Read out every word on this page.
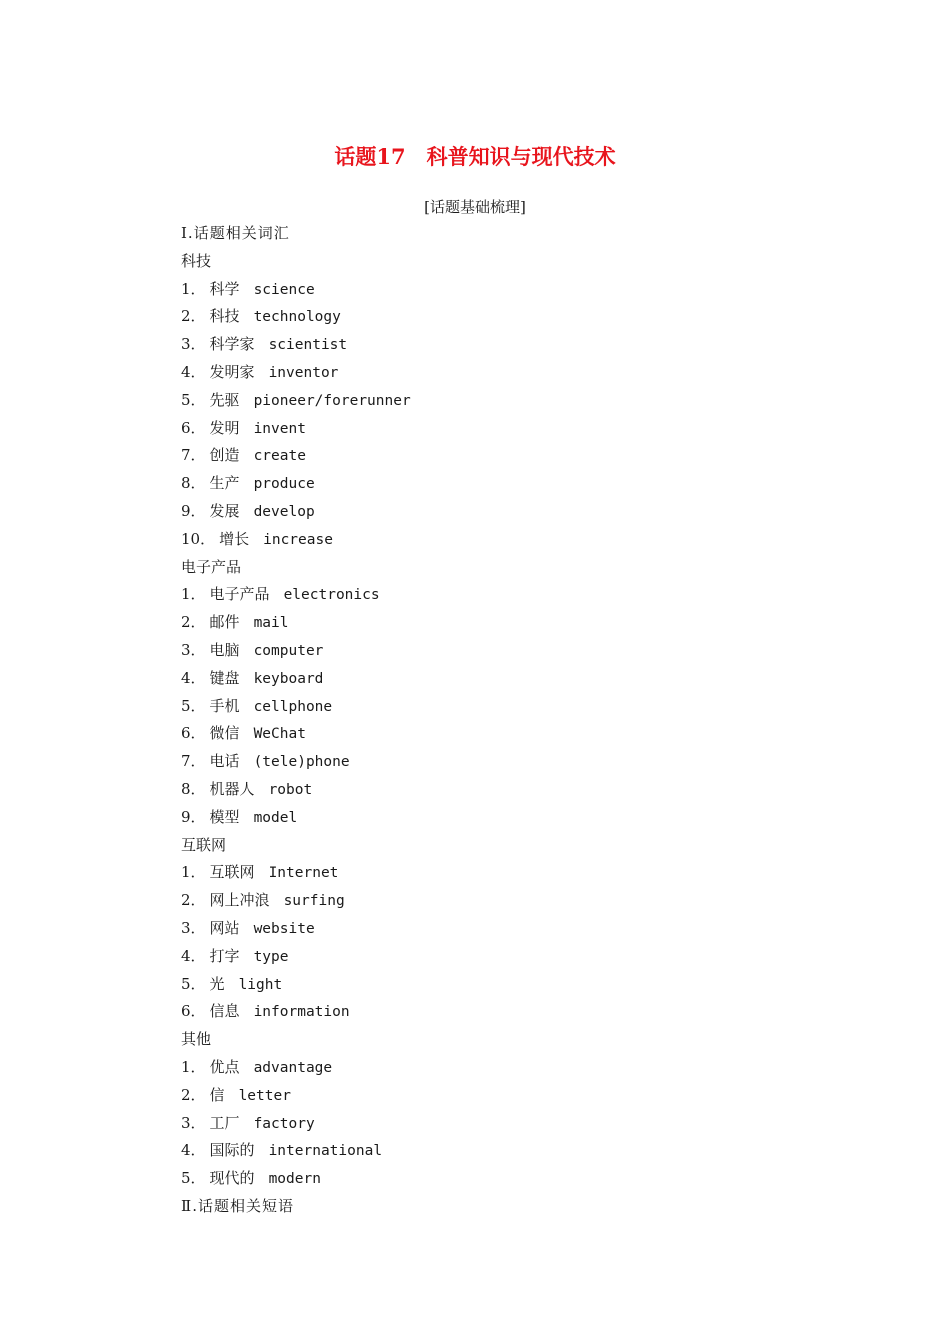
话题17　科普知识与现代技术
[话题基础梳理]
Ⅰ.话题相关词汇
科技
1． 科学 science
2． 科技 technology
3． 科学家 scientist
4． 发明家 inventor
5． 先驱 pioneer/forerunner
6． 发明 invent
7． 创造 create
8． 生产 produce
9． 发展 develop
10． 增长 increase
电子产品
1． 电子产品 electronics
2． 邮件 mail
3． 电脑 computer
4． 键盘 keyboard
5． 手机 cellphone
6． 微信 WeChat
7． 电话 (tele)phone
8． 机器人 robot
9． 模型 model
互联网
1． 互联网 Internet
2． 网上冲浪 surfing
3． 网站 website
4． 打字 type
5． 光 light
6． 信息 information
其他
1． 优点 advantage
2． 信 letter
3． 工厂 factory
4． 国际的 international
5． 现代的 modern
Ⅱ.话题相关短语
